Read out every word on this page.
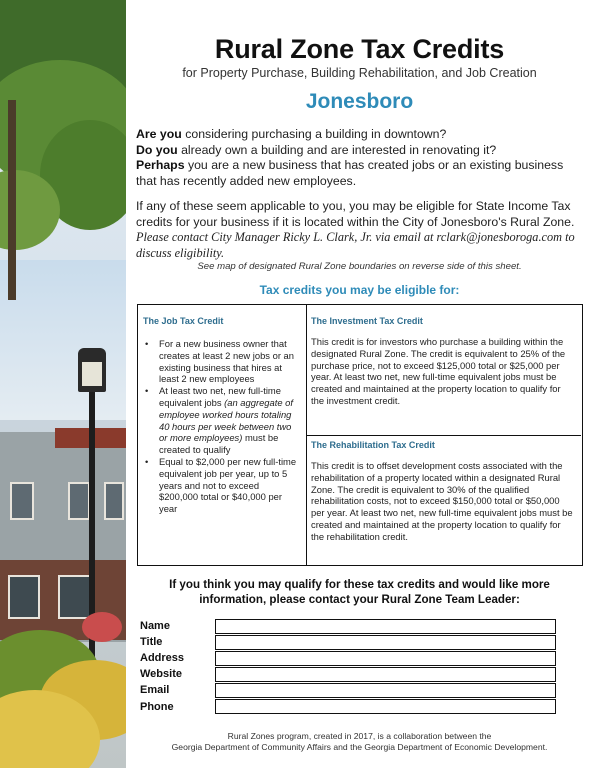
Rural Zone Tax Credits
for Property Purchase, Building Rehabilitation, and Job Creation
Jonesboro
Are you considering purchasing a building in downtown?
Do you already own a building and are interested in renovating it?
Perhaps you are a new business that has created jobs or an existing business that has recently added new employees.
If any of these seem applicable to you, you may be eligible for State Income Tax credits for your business if it is located within the City of Jonesboro's Rural Zone. Please contact City Manager Ricky L. Clark, Jr. via email at rclark@jonesboroga.com to discuss eligibility.
See map of designated Rural Zone boundaries on reverse side of this sheet.
Tax credits you may be eligible for:
The Job Tax Credit
• For a new business owner that creates at least 2 new jobs or an existing business that hires at least 2 new employees
• At least two net, new full-time equivalent jobs (an aggregate of employee worked hours totaling 40 hours per week between two or more employees) must be created to qualify
• Equal to $2,000 per new full-time equivalent job per year, up to 5 years and not to exceed $200,000 total or $40,000 per year
The Investment Tax Credit
This credit is for investors who purchase a building within the designated Rural Zone. The credit is equivalent to 25% of the purchase price, not to exceed $125,000 total or $25,000 per year. At least two net, new full-time equivalent jobs must be created and maintained at the property location to qualify for the investment credit.
The Rehabilitation Tax Credit
This credit is to offset development costs associated with the rehabilitation of a property located within a designated Rural Zone. The credit is equivalent to 30% of the qualified rehabilitation costs, not to exceed $150,000 total or $50,000 per year. At least two net, new full-time equivalent jobs must be created and maintained at the property location to qualify for the rehabilitation credit.
If you think you may qualify for these tax credits and would like more
information, please contact your Rural Zone Team Leader:
Name
Title
Address
Website
Email
Phone
Rural Zones program, created in 2017, is a collaboration between the
Georgia Department of Community Affairs and the Georgia Department of Economic Development.
